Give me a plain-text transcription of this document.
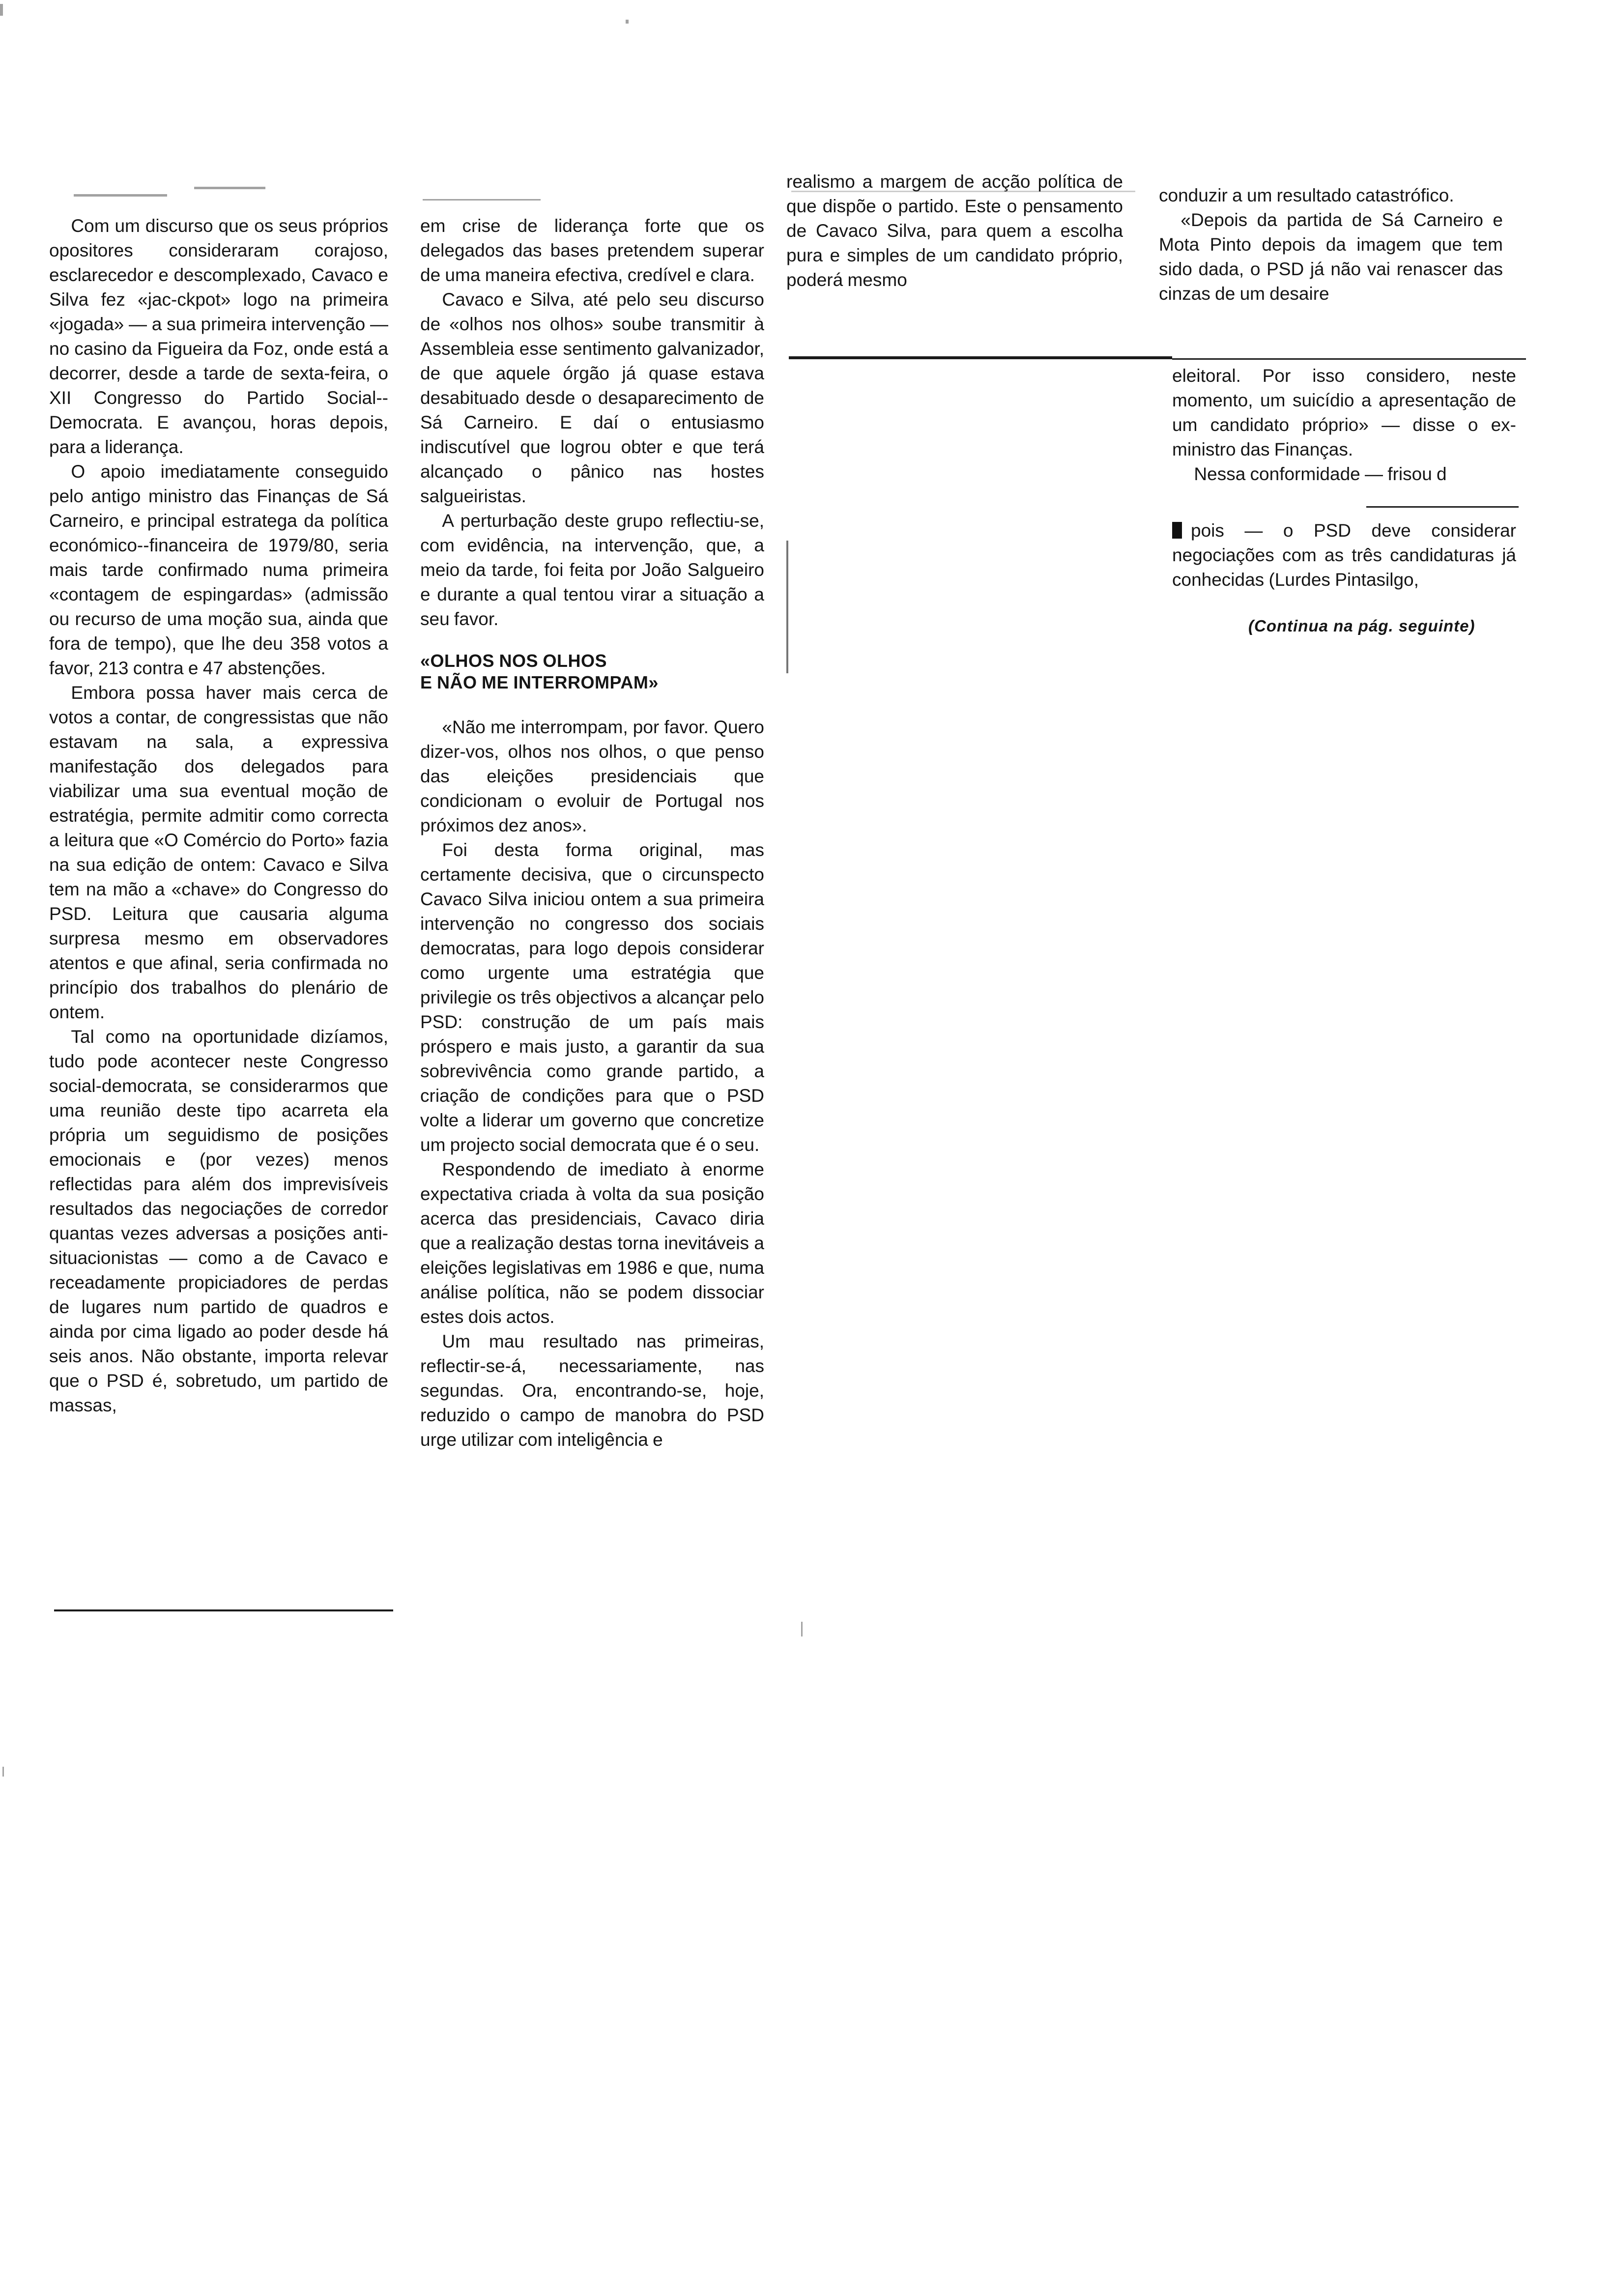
Com um discurso que os seus próprios opositores consideraram corajoso, esclarecedor e descomplexado, Cavaco e Silva fez «jac-ckpot» logo na primeira «jogada» — a sua primeira intervenção — no casino da Figueira da Foz, onde está a decorrer, desde a tarde de sexta-feira, o XII Congresso do Partido Social--Democrata. E avançou, horas depois, para a liderança.

O apoio imediatamente conseguido pelo antigo ministro das Finanças de Sá Carneiro, e principal estratega da política económico--financeira de 1979/80, seria mais tarde confirmado numa primeira «contagem de espingardas» (admissão ou recurso de uma moção sua, ainda que fora de tempo), que lhe deu 358 votos a favor, 213 contra e 47 abstenções.

Embora possa haver mais cerca de votos a contar, de congressistas que não estavam na sala, a expressiva manifestação dos delegados para viabilizar uma sua eventual moção de estratégia, permite admitir como correcta a leitura que «O Comércio do Porto» fazia na sua edição de ontem: Cavaco e Silva tem na mão a «chave» do Congresso do PSD. Leitura que causaria alguma surpresa mesmo em observadores atentos e que afinal, seria confirmada no princípio dos trabalhos do plenário de ontem.

Tal como na oportunidade dizíamos, tudo pode acontecer neste Congresso social-democrata, se considerarmos que uma reunião deste tipo acarreta ela própria um seguidismo de posições emocionais e (por vezes) menos reflectidas para além dos imprevisíveis resultados das negociações de corredor quantas vezes adversas a posições anti-situacionistas — como a de Cavaco e receadamente propiciadores de perdas de lugares num partido de quadros e ainda por cima ligado ao poder desde há seis anos. Não obstante, importa relevar que o PSD é, sobretudo, um partido de massas,

em crise de liderança forte que os delegados das bases pretendem superar de uma maneira efectiva, credível e clara.

Cavaco e Silva, até pelo seu discurso de «olhos nos olhos» soube transmitir à Assembleia esse sentimento galvanizador, de que aquele órgão já quase estava desabituado desde o desaparecimento de Sá Carneiro. E daí o entusiasmo indiscutível que logrou obter e que terá alcançado o pânico nas hostes salgueiristas.

A perturbação deste grupo reflectiu-se, com evidência, na intervenção, que, a meio da tarde, foi feita por João Salgueiro e durante a qual tentou virar a situação a seu favor.

«OLHOS NOS OLHOS
E NÃO ME INTERROMPAM»

«Não me interrompam, por favor. Quero dizer-vos, olhos nos olhos, o que penso das eleições presidenciais que condicionam o evoluir de Portugal nos próximos dez anos».

Foi desta forma original, mas certamente decisiva, que o circunspecto Cavaco Silva iniciou ontem a sua primeira intervenção no congresso dos sociais democratas, para logo depois considerar como urgente uma estratégia que privilegie os três objectivos a alcançar pelo PSD: construção de um país mais próspero e mais justo, a garantir da sua sobrevivência como grande partido, a criação de condições para que o PSD volte a liderar um governo que concretize um projecto social democrata que é o seu.

Respondendo de imediato à enorme expectativa criada à volta da sua posição acerca das presidenciais, Cavaco diria que a realização destas torna inevitáveis a eleições legislativas em 1986 e que, numa análise política, não se podem dissociar estes dois actos.

Um mau resultado nas primeiras, reflectir-se-á, necessariamente, nas segundas. Ora, encontrando-se, hoje, reduzido o campo de manobra do PSD urge utilizar com inteligência e

realismo a margem de acção política de que dispõe o partido. Este o pensamento de Cavaco Silva, para quem a escolha pura e simples de um candidato próprio, poderá mesmo

conduzir a um resultado catastrófico.

«Depois da partida de Sá Carneiro e Mota Pinto depois da imagem que tem sido dada, o PSD já não vai renascer das cinzas de um desaire

eleitoral. Por isso considero, neste momento, um suicídio a apresentação de um candidato próprio» — disse o ex-ministro das Finanças.

Nessa conformidade — frisou d

pois — o PSD deve considerar negociações com as três candidaturas já conhecidas (Lurdes Pintasilgo,

(Continua na pág. seguinte)
